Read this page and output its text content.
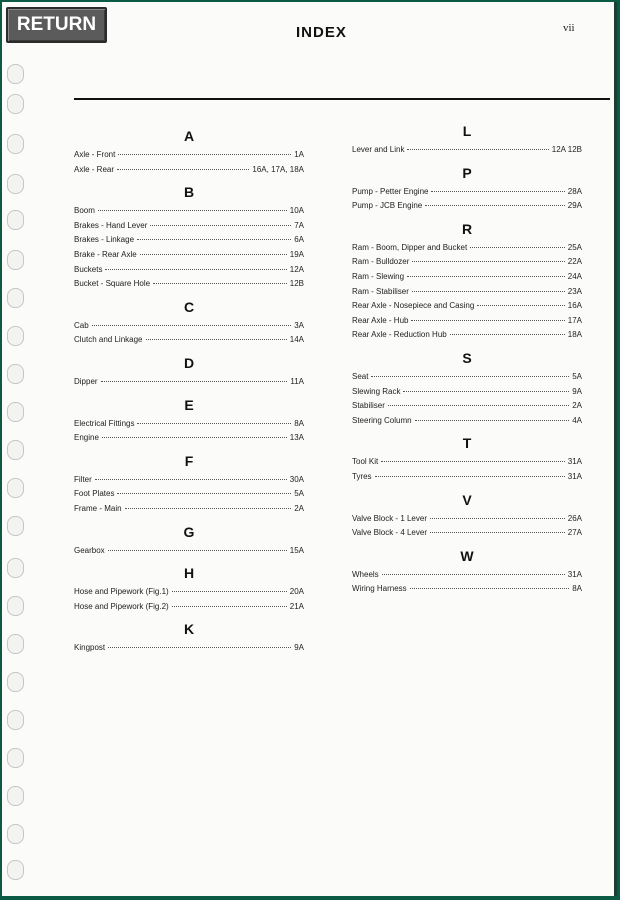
RETURN	INDEX	vii
A
Axle - Front	1A
Axle - Rear	16A, 17A, 18A
B
Boom	10A
Brakes - Hand Lever	7A
Brakes - Linkage	6A
Brake - Rear Axle	19A
Buckets	12A
Bucket - Square Hole	12B
C
Cab	3A
Clutch and Linkage	14A
D
Dipper	11A
E
Electrical Fittings	8A
Engine	13A
F
Filter	30A
Foot Plates	5A
Frame - Main	2A
G
Gearbox	15A
H
Hose and Pipework (Fig.1)	20A
Hose and Pipework (Fig.2)	21A
K
Kingpost	9A
L
Lever and Link	12A 12B
P
Pump - Petter Engine	28A
Pump - JCB Engine	29A
R
Ram - Boom, Dipper and Bucket	25A
Ram - Bulldozer	22A
Ram - Slewing	24A
Ram - Stabiliser	23A
Rear Axle - Nosepiece and Casing	16A
Rear Axle - Hub	17A
Rear Axle - Reduction Hub	18A
S
Seat	5A
Slewing Rack	9A
Stabiliser	2A
Steering Column	4A
T
Tool Kit	31A
Tyres	31A
V
Valve Block - 1 Lever	26A
Valve Block - 4 Lever	27A
W
Wheels	31A
Wiring Harness	8A
